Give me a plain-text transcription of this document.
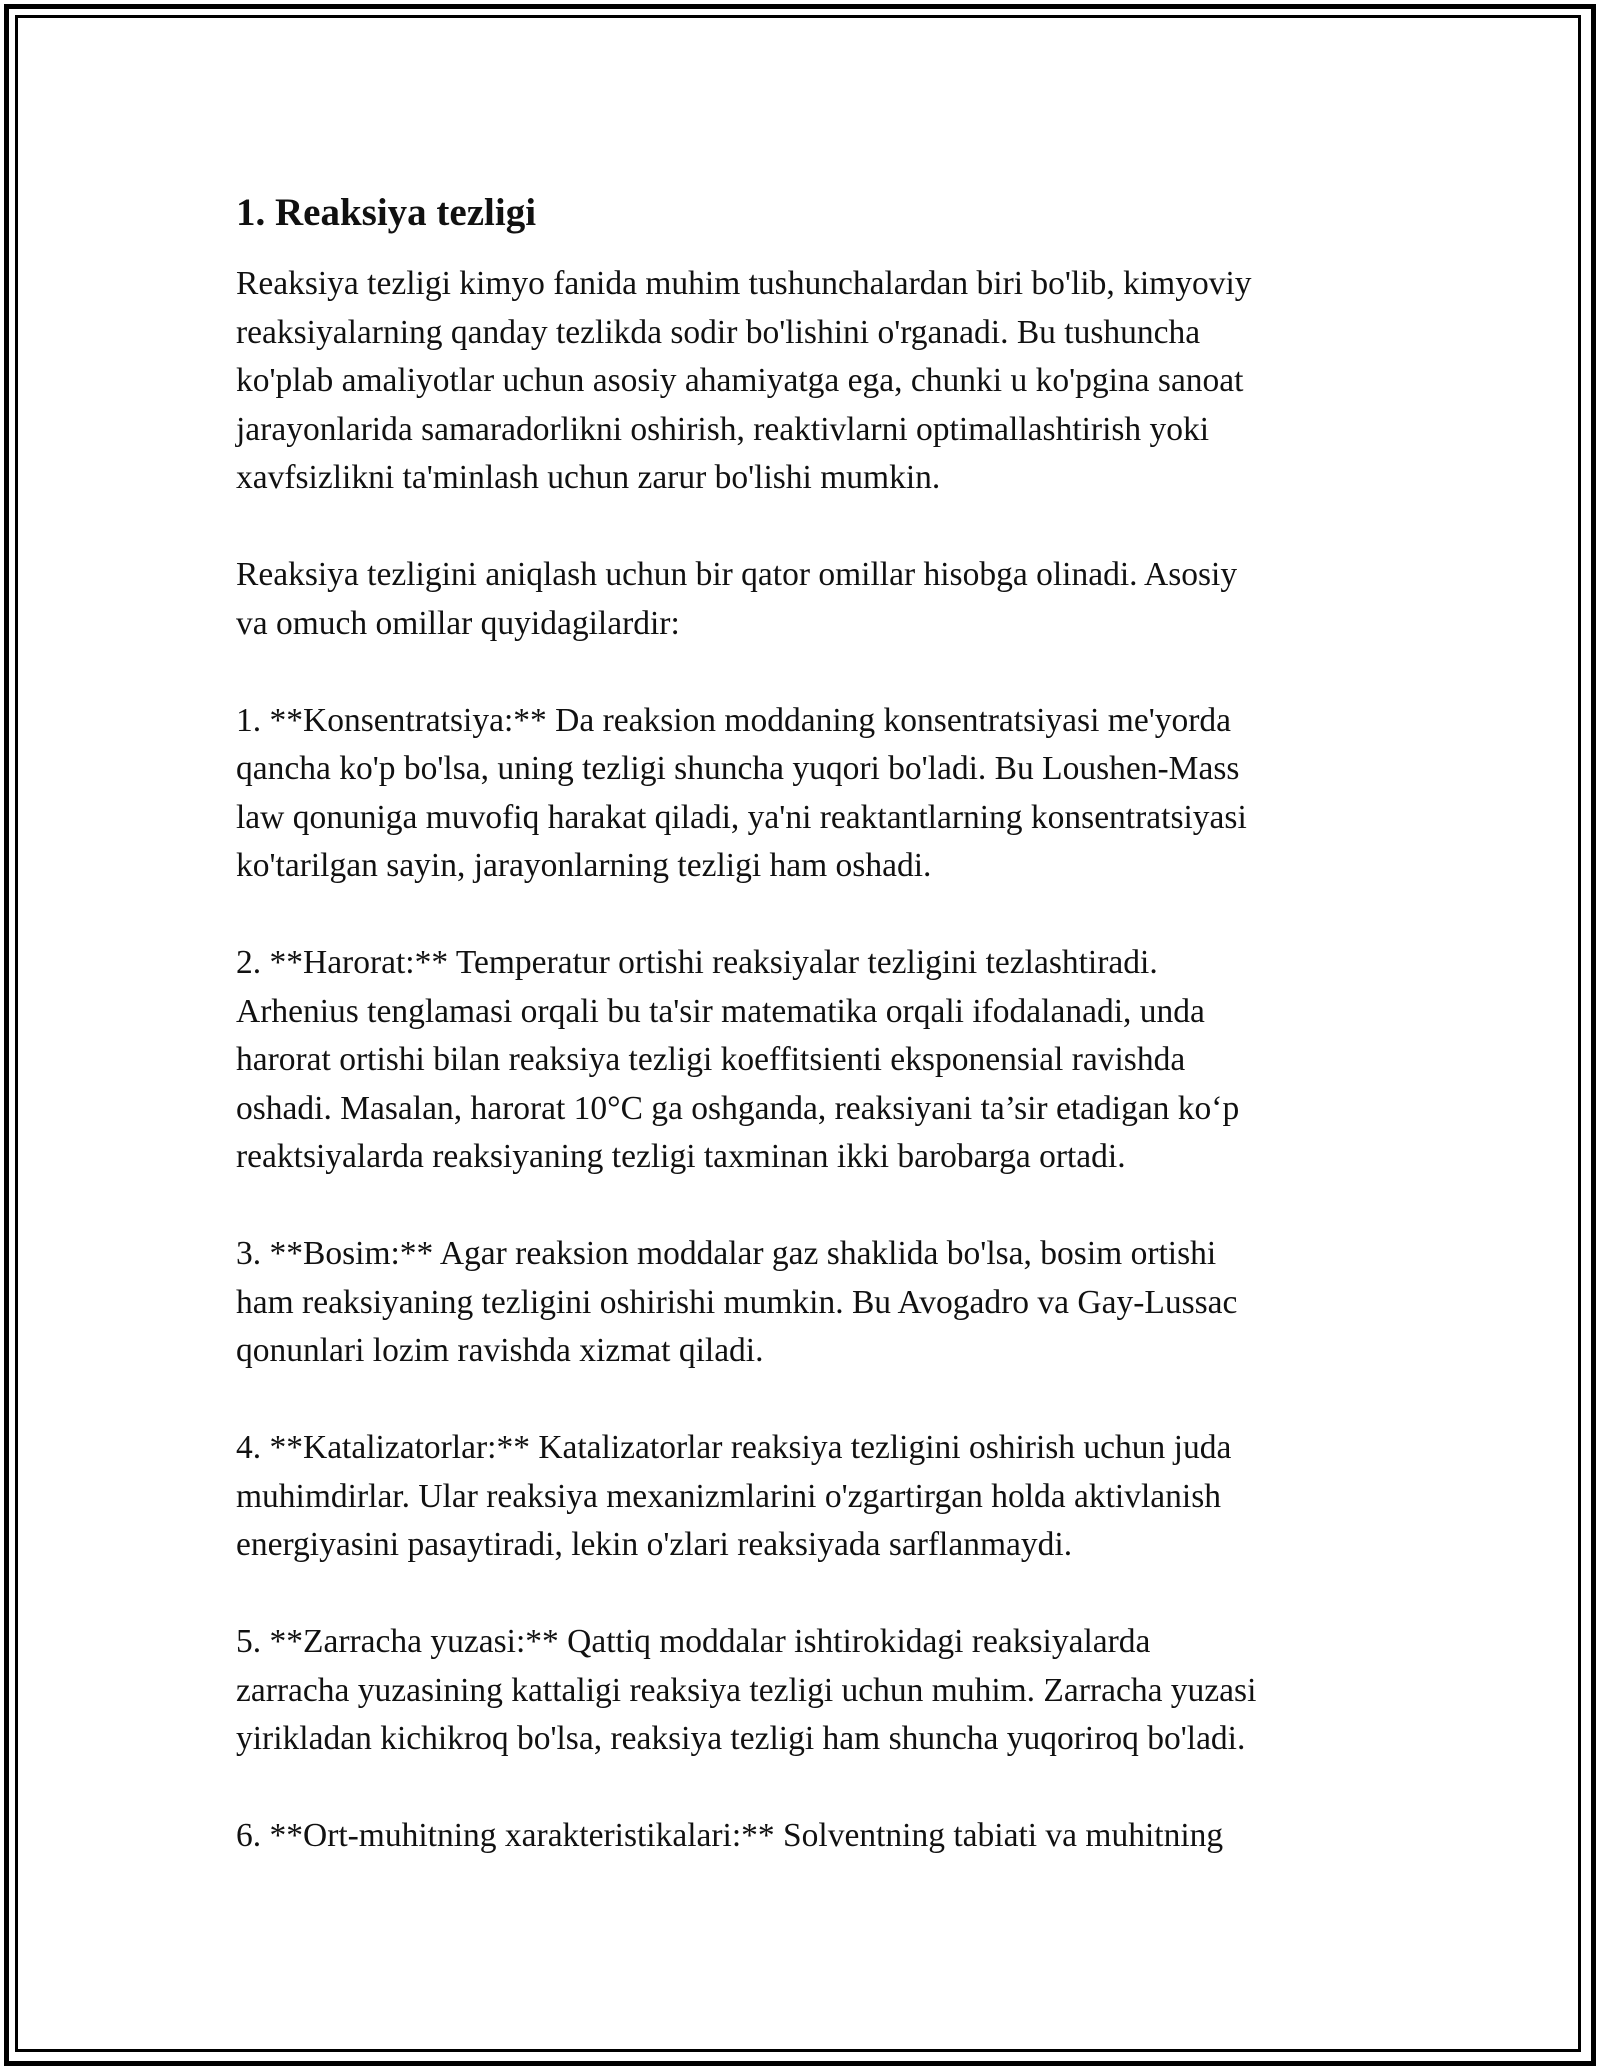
1. Reaksiya tezligi

Reaksiya tezligi kimyo fanida muhim tushunchalardan biri bo'lib, kimyoviy
reaksiyalarning qanday tezlikda sodir bo'lishini o'rganadi. Bu tushuncha
ko'plab amaliyotlar uchun asosiy ahamiyatga ega, chunki u ko'pgina sanoat
jarayonlarida samaradorlikni oshirish, reaktivlarni optimallashtirish yoki
xavfsizlikni ta'minlash uchun zarur bo'lishi mumkin.

Reaksiya tezligini aniqlash uchun bir qator omillar hisobga olinadi. Asosiy
va omuch omillar quyidagilardir:

1. **Konsentratsiya:** Da reaksion moddaning konsentratsiyasi me'yorda
qancha ko'p bo'lsa, uning tezligi shuncha yuqori bo'ladi. Bu Loushen-Mass
law qonuniga muvofiq harakat qiladi, ya'ni reaktantlarning konsentratsiyasi
ko'tarilgan sayin, jarayonlarning tezligi ham oshadi.

2. **Harorat:** Temperatur ortishi reaksiyalar tezligini tezlashtiradi.
Arhenius tenglamasi orqali bu ta'sir matematika orqali ifodalanadi, unda
harorat ortishi bilan reaksiya tezligi koeffitsienti eksponensial ravishda
oshadi. Masalan, harorat 10°C ga oshganda, reaksiyani ta’sir etadigan ko‘p
reaktsiyalarda reaksiyaning tezligi taxminan ikki barobarga ortadi.

3. **Bosim:** Agar reaksion moddalar gaz shaklida bo'lsa, bosim ortishi
ham reaksiyaning tezligini oshirishi mumkin. Bu Avogadro va Gay-Lussac
qonunlari lozim ravishda xizmat qiladi.

4. **Katalizatorlar:** Katalizatorlar reaksiya tezligini oshirish uchun juda
muhimdirlar. Ular reaksiya mexanizmlarini o'zgartirgan holda aktivlanish
energiyasini pasaytiradi, lekin o'zlari reaksiyada sarflanmaydi.

5. **Zarracha yuzasi:** Qattiq moddalar ishtirokidagi reaksiyalarda
zarracha yuzasining kattaligi reaksiya tezligi uchun muhim. Zarracha yuzasi
yirikladan kichikroq bo'lsa, reaksiya tezligi ham shuncha yuqoriroq bo'ladi.

6. **Ort-muhitning xarakteristikalari:** Solventning tabiati va muhitning
